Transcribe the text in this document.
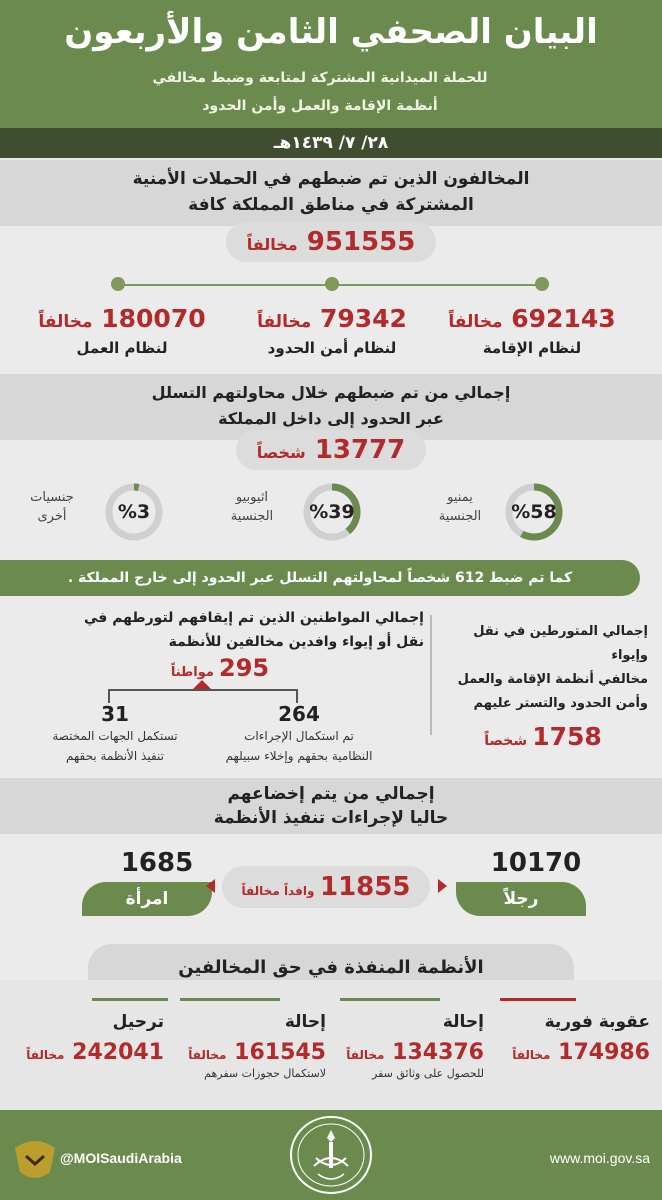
البيان الصحفي الثامن والأربعون
للحملة الميدانية المشتركة لمتابعة وضبط مخالفي
أنظمة الإقامة والعمل وأمن الحدود
٢٨/ ٧/ ١٤٣٩هـ
المخالفون الذين تم ضبطهم في الحملات الأمنية
المشتركة في مناطق المملكة كافة
951555 مخالفاً
692143 مخالفاً
لنظام الإقامة
79342 مخالفاً
لنظام أمن الحدود
180070 مخالفاً
لنظام العمل
إجمالي من تم ضبطهم خلال محاولتهم التسلل
عبر الحدود إلى داخل المملكة
13777 شخصاً
يمنيو
الجنسية	%58
اثيوبيو
الجنسية	%39
جنسيات
أخرى	%3
كما تم ضبط 612 شخصاً لمحاولتهم التسلل عبر الحدود إلى خارج المملكة .
إجمالي المتورطين في نقل وإيواء
مخالفي أنظمة الإقامة والعمل
وأمن الحدود والتستر عليهم
1758 شخصاً
إجمالي المواطنين الذين تم إيقافهم لتورطهم في
نقل أو إيواء وافدين مخالفين للأنظمة
295 مواطناً
264
تم استكمال الإجراءات
النظامية بحقهم وإخلاء سبيلهم
31
تستكمل الجهات المختصة
تنفيذ الأنظمة بحقهم
إجمالي من يتم إخضاعهم
حاليا لإجراءات تنفيذ الأنظمة
10170
رجلاً
1685
امرأة	11855 وافداً مخالفاً
الأنظمة المنفذة في حق المخالفين
عقوبة فورية
174986 مخالفاً
إحالة
134376 مخالفاً
للحصول على وثائق سفر
إحالة
161545 مخالفاً
لاستكمال حجوزات سفرهم
ترحيل
242041 مخالفاً
@MOISaudiArabia	www.moi.gov.sa
